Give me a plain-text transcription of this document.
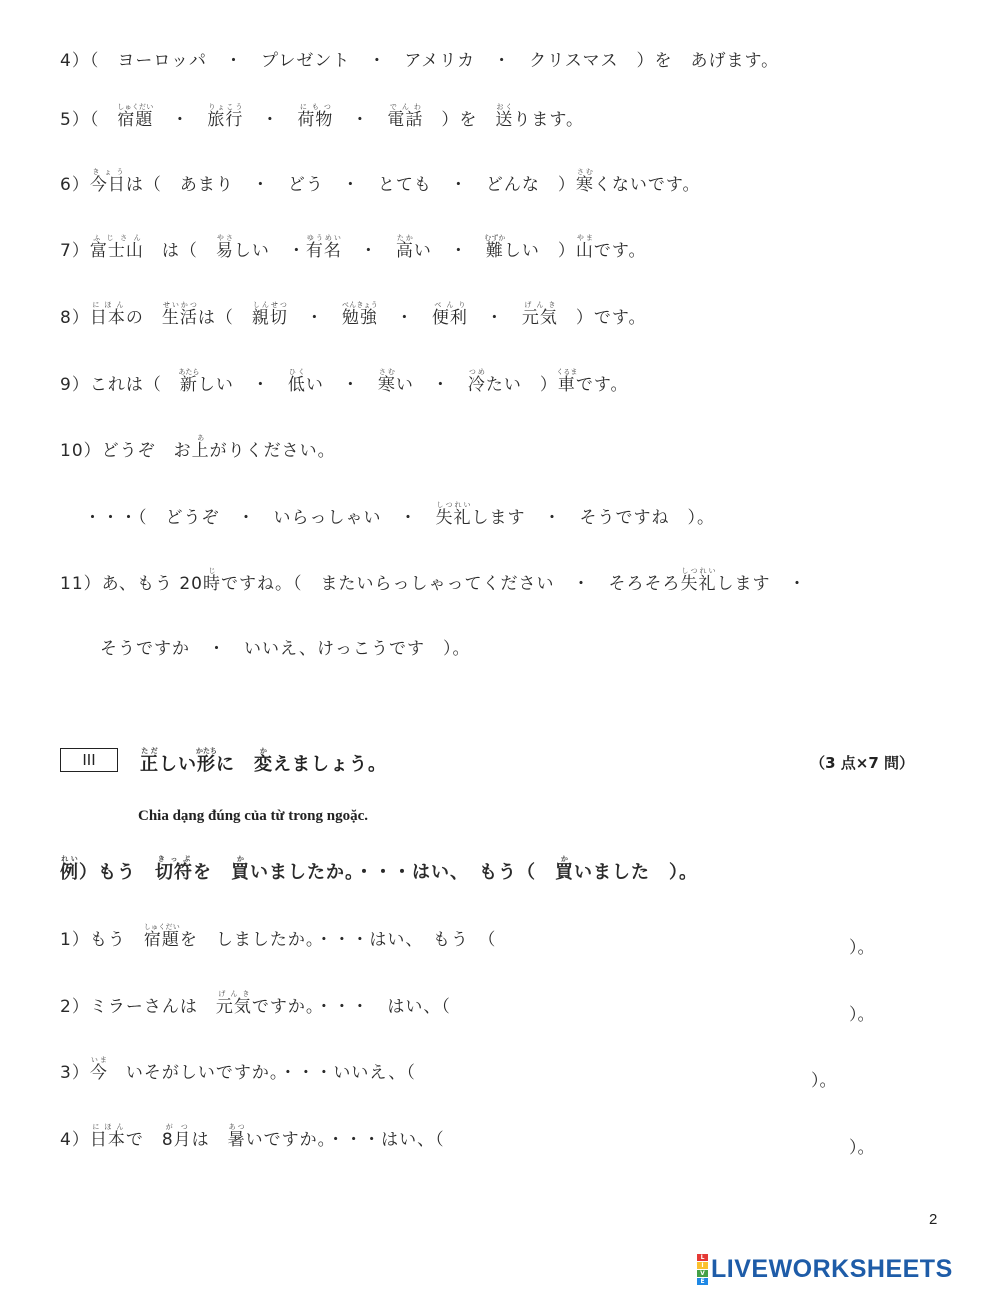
4）（　ヨーロッパ　・　プレゼント　・　アメリカ　・　クリスマス　）を　あげます。
5）（　宿題しゅくだい　・　旅行りょこう　・　荷物にもつ　・　電話でんわ　）を　送おくります。
6）今日きょうは（　あまり　・　どう　・　とても　・　どんな　）寒さむくないです。
7）富士山ふじさん　は（　易やさしい　・有名ゆうめい　・　高たかい　・　難むずかしい　）山やまです。
8）日本にほんの　生活せいかつは（　親切しんせつ　・　勉強べんきょう　・　便利べんり　・　元気げんき　）です。
9）これは（　新あたらしい　・　低ひくい　・　寒さむい　・　冷つめたい　）車くるまです。
10）どうぞ　お上あがりください。
・・・（　どうぞ　・　いらっしゃい　・　失礼しつれいします　・　そうですね　）。
11）あ、もう 20時じですね。（　またいらっしゃってください　・　そろそろ失礼しつれいします　・
そうですか　・　いいえ、けっこうです　）。
III 正ただしい形かたちに　変かえましょう。	（3 点×7 問）
Chia dạng đúng của từ trong ngoặc.
例れい）もう　切符きっぷを　買かいましたか。・・・はい、　もう（　買かいました　）。
1）もう　宿題しゅくだいを　しましたか。・・・はい、　もう　（	）。
2）ミラーさんは　元気げんきですか。・・・　はい、（	）。
3）今いま　いそがしいですか。・・・いいえ、（	）。
4）日本にほんで　8月がつは　暑あついですか。・・・はい、（	）。
2
L
I
V
E LIVEWORKSHEETS
